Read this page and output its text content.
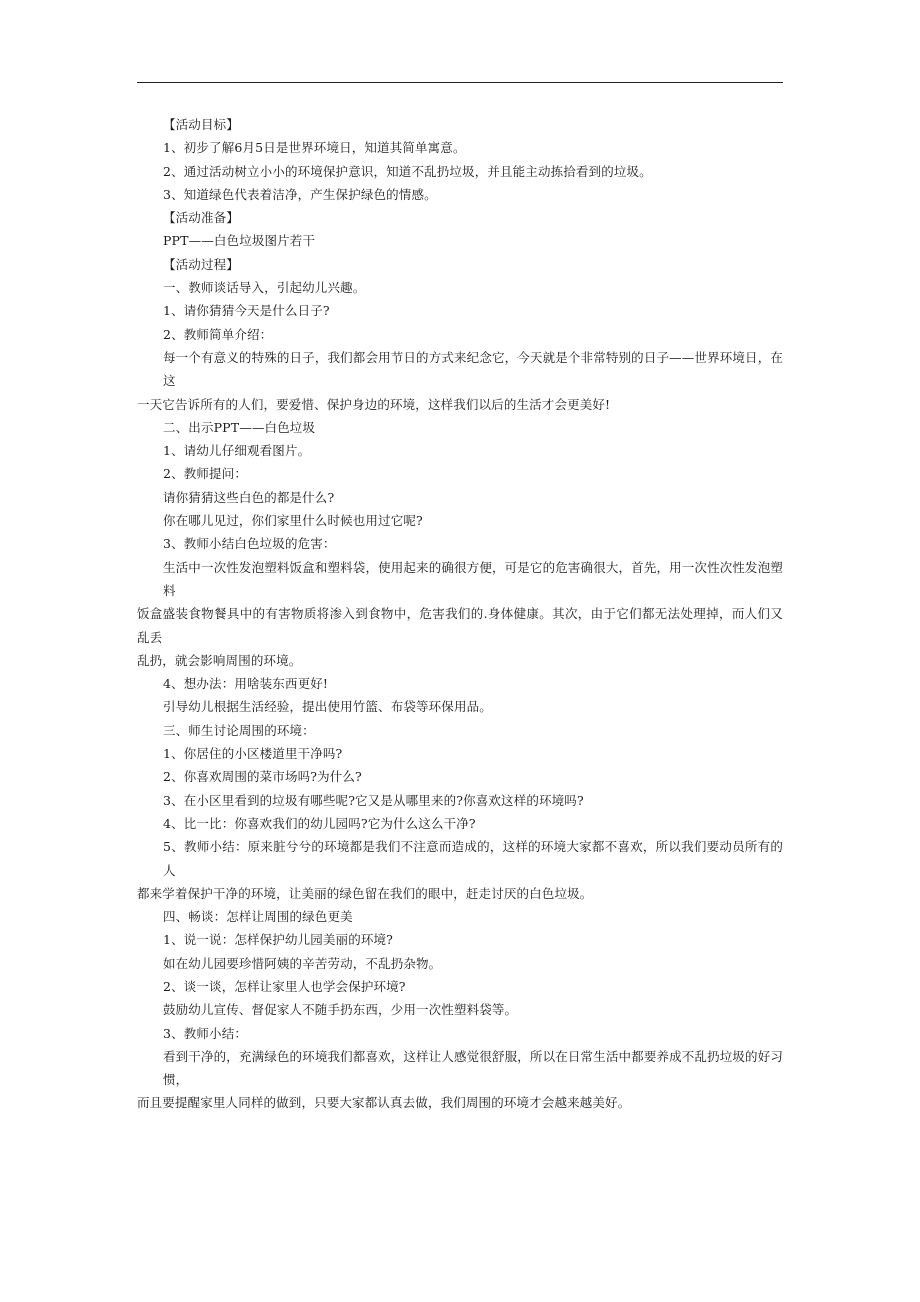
【活动目标】
1、初步了解6月5日是世界环境日，知道其简单寓意。
2、通过活动树立小小的环境保护意识，知道不乱扔垃圾，并且能主动拣拾看到的垃圾。
3、知道绿色代表着洁净，产生保护绿色的情感。
【活动准备】
PPT——白色垃圾图片若干
【活动过程】
一、教师谈话导入，引起幼儿兴趣。
1、请你猜猜今天是什么日子?
2、教师简单介绍：
每一个有意义的特殊的日子，我们都会用节日的方式来纪念它，今天就是个非常特别的日子——世界环境日，在这
一天它告诉所有的人们，要爱惜、保护身边的环境，这样我们以后的生活才会更美好!
二、出示PPT——白色垃圾
1、请幼儿仔细观看图片。
2、教师提问：
请你猜猜这些白色的都是什么?
你在哪儿见过，你们家里什么时候也用过它呢?
3、教师小结白色垃圾的危害：
生活中一次性发泡塑料饭盒和塑料袋，使用起来的确很方便，可是它的危害确很大，首先，用一次性次性发泡塑料
饭盒盛装食物餐具中的有害物质将渗入到食物中，危害我们的.身体健康。其次，由于它们都无法处理掉，而人们又乱丢
乱扔，就会影响周围的环境。
4、想办法：用啥装东西更好!
引导幼儿根据生活经验，提出使用竹篮、布袋等环保用品。
三、师生讨论周围的环境：
1、你居住的小区楼道里干净吗?
2、你喜欢周围的菜市场吗?为什么?
3、在小区里看到的垃圾有哪些呢?它又是从哪里来的?你喜欢这样的环境吗?
4、比一比：你喜欢我们的幼儿园吗?它为什么这么干净?
5、教师小结：原来脏兮兮的环境都是我们不注意而造成的，这样的环境大家都不喜欢，所以我们要动员所有的人
都来学着保护干净的环境，让美丽的绿色留在我们的眼中，赶走讨厌的白色垃圾。
四、畅谈：怎样让周围的绿色更美
1、说一说：怎样保护幼儿园美丽的环境?
如在幼儿园要珍惜阿姨的辛苦劳动，不乱扔杂物。
2、谈一谈，怎样让家里人也学会保护环境?
鼓励幼儿宣传、督促家人不随手扔东西，少用一次性塑料袋等。
3、教师小结：
看到干净的，充满绿色的环境我们都喜欢，这样让人感觉很舒服，所以在日常生活中都要养成不乱扔垃圾的好习惯，
而且要提醒家里人同样的做到，只要大家都认真去做，我们周围的环境才会越来越美好。
